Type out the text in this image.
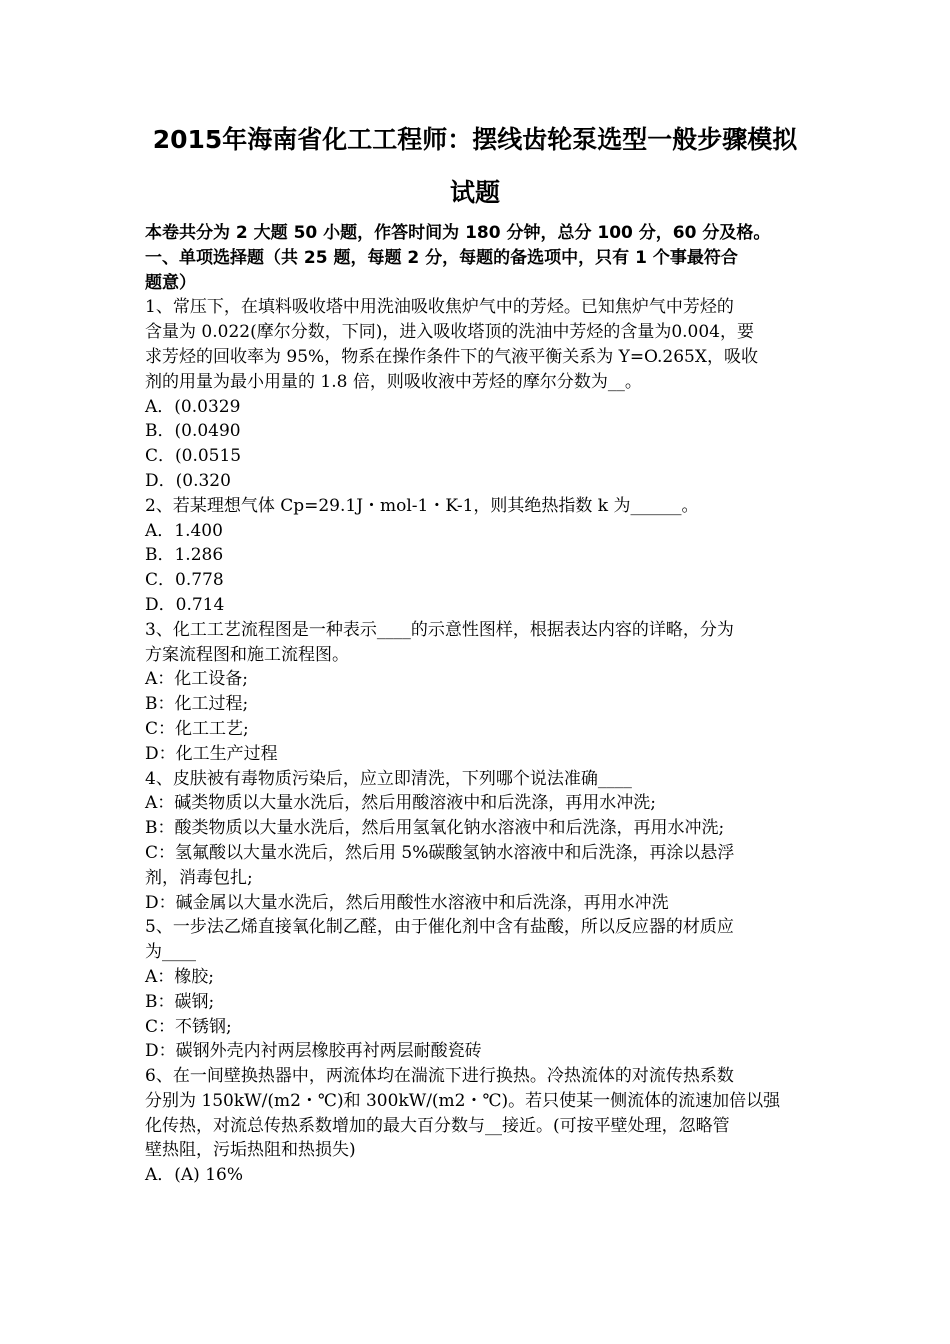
2015年海南省化工工程师：摆线齿轮泵选型一般步骤模拟
试题
本卷共分为 2 大题 50 小题，作答时间为 180 分钟，总分 100 分，60 分及格。
一、单项选择题（共 25 题，每题 2 分，每题的备选项中，只有 1 个事最符合
题意）
1、常压下，在填料吸收塔中用洗油吸收焦炉气中的芳烃。已知焦炉气中芳烃的
含量为 0.022(摩尔分数，下同)，进入吸收塔顶的洗油中芳烃的含量为0.004，要
求芳烃的回收率为 95%，物系在操作条件下的气液平衡关系为 Y=O.265X，吸收
剂的用量为最小用量的 1.8 倍，则吸收液中芳烃的摩尔分数为__。
A．(0.0329
B．(0.0490
C．(0.0515
D．(0.320
2、若某理想气体 Cp=29.1J・mol-1・K-1，则其绝热指数 k 为______。
A．1.400
B．1.286
C．0.778
D．0.714
3、化工工艺流程图是一种表示____的示意性图样，根据表达内容的详略，分为
方案流程图和施工流程图。
A：化工设备;
B：化工过程;
C：化工工艺;
D：化工生产过程
4、皮肤被有毒物质污染后，应立即清洗，下列哪个说法准确____
A：碱类物质以大量水洗后，然后用酸溶液中和后洗涤，再用水冲洗;
B：酸类物质以大量水洗后，然后用氢氧化钠水溶液中和后洗涤，再用水冲洗;
C：氢氟酸以大量水洗后，然后用 5%碳酸氢钠水溶液中和后洗涤，再涂以悬浮
剂，消毒包扎;
D：碱金属以大量水洗后，然后用酸性水溶液中和后洗涤，再用水冲洗
5、一步法乙烯直接氧化制乙醛，由于催化剂中含有盐酸，所以反应器的材质应
为____
A：橡胶;
B：碳钢;
C：不锈钢;
D：碳钢外壳内衬两层橡胶再衬两层耐酸瓷砖
6、在一间壁换热器中，两流体均在湍流下进行换热。冷热流体的对流传热系数
分别为 150kW/(m2・℃)和 300kW/(m2・℃)。若只使某一侧流体的流速加倍以强
化传热，对流总传热系数增加的最大百分数与__接近。(可按平壁处理，忽略管
壁热阻，污垢热阻和热损失)
A．(A) 16%
